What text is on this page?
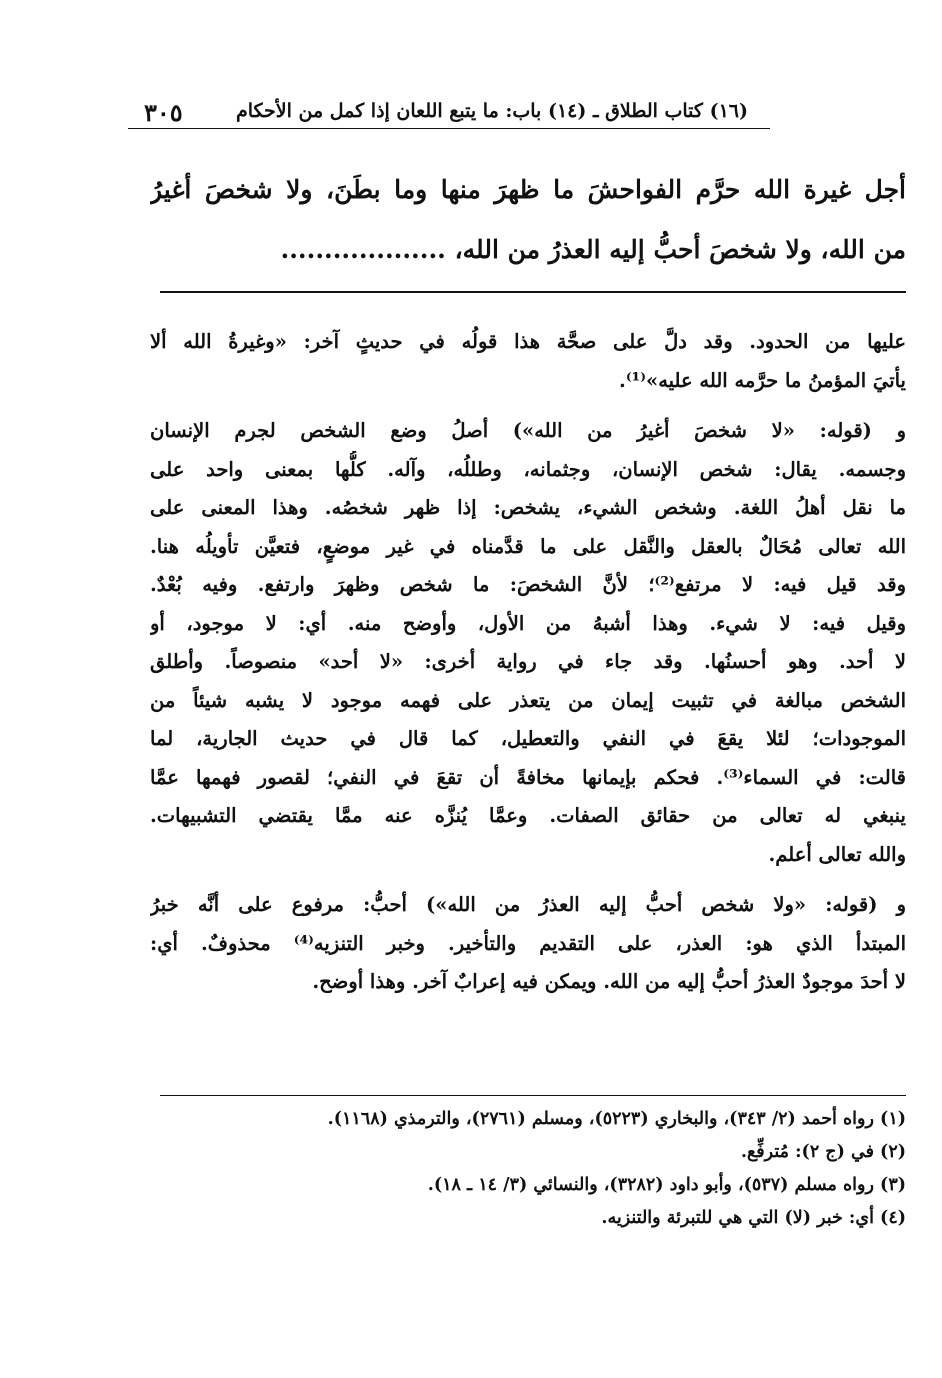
(١٦) كتاب الطلاق ـ (١٤) باب: ما يتبع اللعان إذا كمل من الأحكام
٣٠٥
أجل غيرة الله حرَّم الفواحشَ ما ظهرَ منها وما بطَنَ، ولا شخصَ أغيرُ
من الله، ولا شخصَ أحبُّ إليه العذرُ من الله، ...................
عليها من الحدود. وقد دلَّ على صحَّة هذا قولُه في حديثٍ آخر: «وغيرةُ الله ألا
يأتيَ المؤمنُ ما حرَّمه الله عليه»⁽¹⁾.
و (قوله: «لا شخصَ أغيرُ من الله») أصلُ وضع الشخص لجرم الإنسان
وجسمه. يقال: شخص الإنسان، وجثمانه، وطللُه، وآله. كلُّها بمعنى واحد على
ما نقل أهلُ اللغة. وشخص الشيء، يشخص: إذا ظهر شخصُه. وهذا المعنى على
الله تعالى مُحَالٌ بالعقل والنَّقل على ما قدَّمناه في غير موضعٍ، فتعيَّن تأويلُه هنا.
وقد قيل فيه: لا مرتفع⁽²⁾؛ لأنَّ الشخصَ: ما شخص وظهرَ وارتفع. وفيه بُعْدٌ.
وقيل فيه: لا شيء. وهذا أشبهُ من الأول، وأوضح منه. أي: لا موجود، أو
لا أحد. وهو أحسنُها. وقد جاء في رواية أخرى: «لا أحد» منصوصاً. وأطلق
الشخص مبالغة في تثبيت إيمان من يتعذر على فهمه موجود لا يشبه شيئاً من
الموجودات؛ لئلا يقعَ في النفي والتعطيل، كما قال في حديث الجارية، لما
قالت: في السماء⁽³⁾. فحكم بإيمانها مخافةً أن تقعَ في النفي؛ لقصور فهمها عمَّا
ينبغي له تعالى من حقائق الصفات. وعمَّا يُنزَّه عنه ممَّا يقتضي التشبيهات.
والله تعالى أعلم.
و (قوله: «ولا شخص أحبُّ إليه العذرُ من الله») أحبُّ: مرفوع على أنَّه خبرُ
المبتدأ الذي هو: العذر، على التقديم والتأخير. وخبر التنزيه⁽⁴⁾ محذوفٌ. أي:
لا أحدَ موجودٌ العذرُ أحبُّ إليه من الله. ويمكن فيه إعرابٌ آخر. وهذا أوضح.
(١) رواه أحمد (٢/ ٣٤٣)، والبخاري (٥٢٢٣)، ومسلم (٢٧٦١)، والترمذي (١١٦٨).
(٢) في (ج ٢): مُترفِّع.
(٣) رواه مسلم (٥٣٧)، وأبو داود (٣٢٨٢)، والنسائي (٣/ ١٤ ـ ١٨).
(٤) أي: خبر (لا) التي هي للتبرئة والتنزيه.
